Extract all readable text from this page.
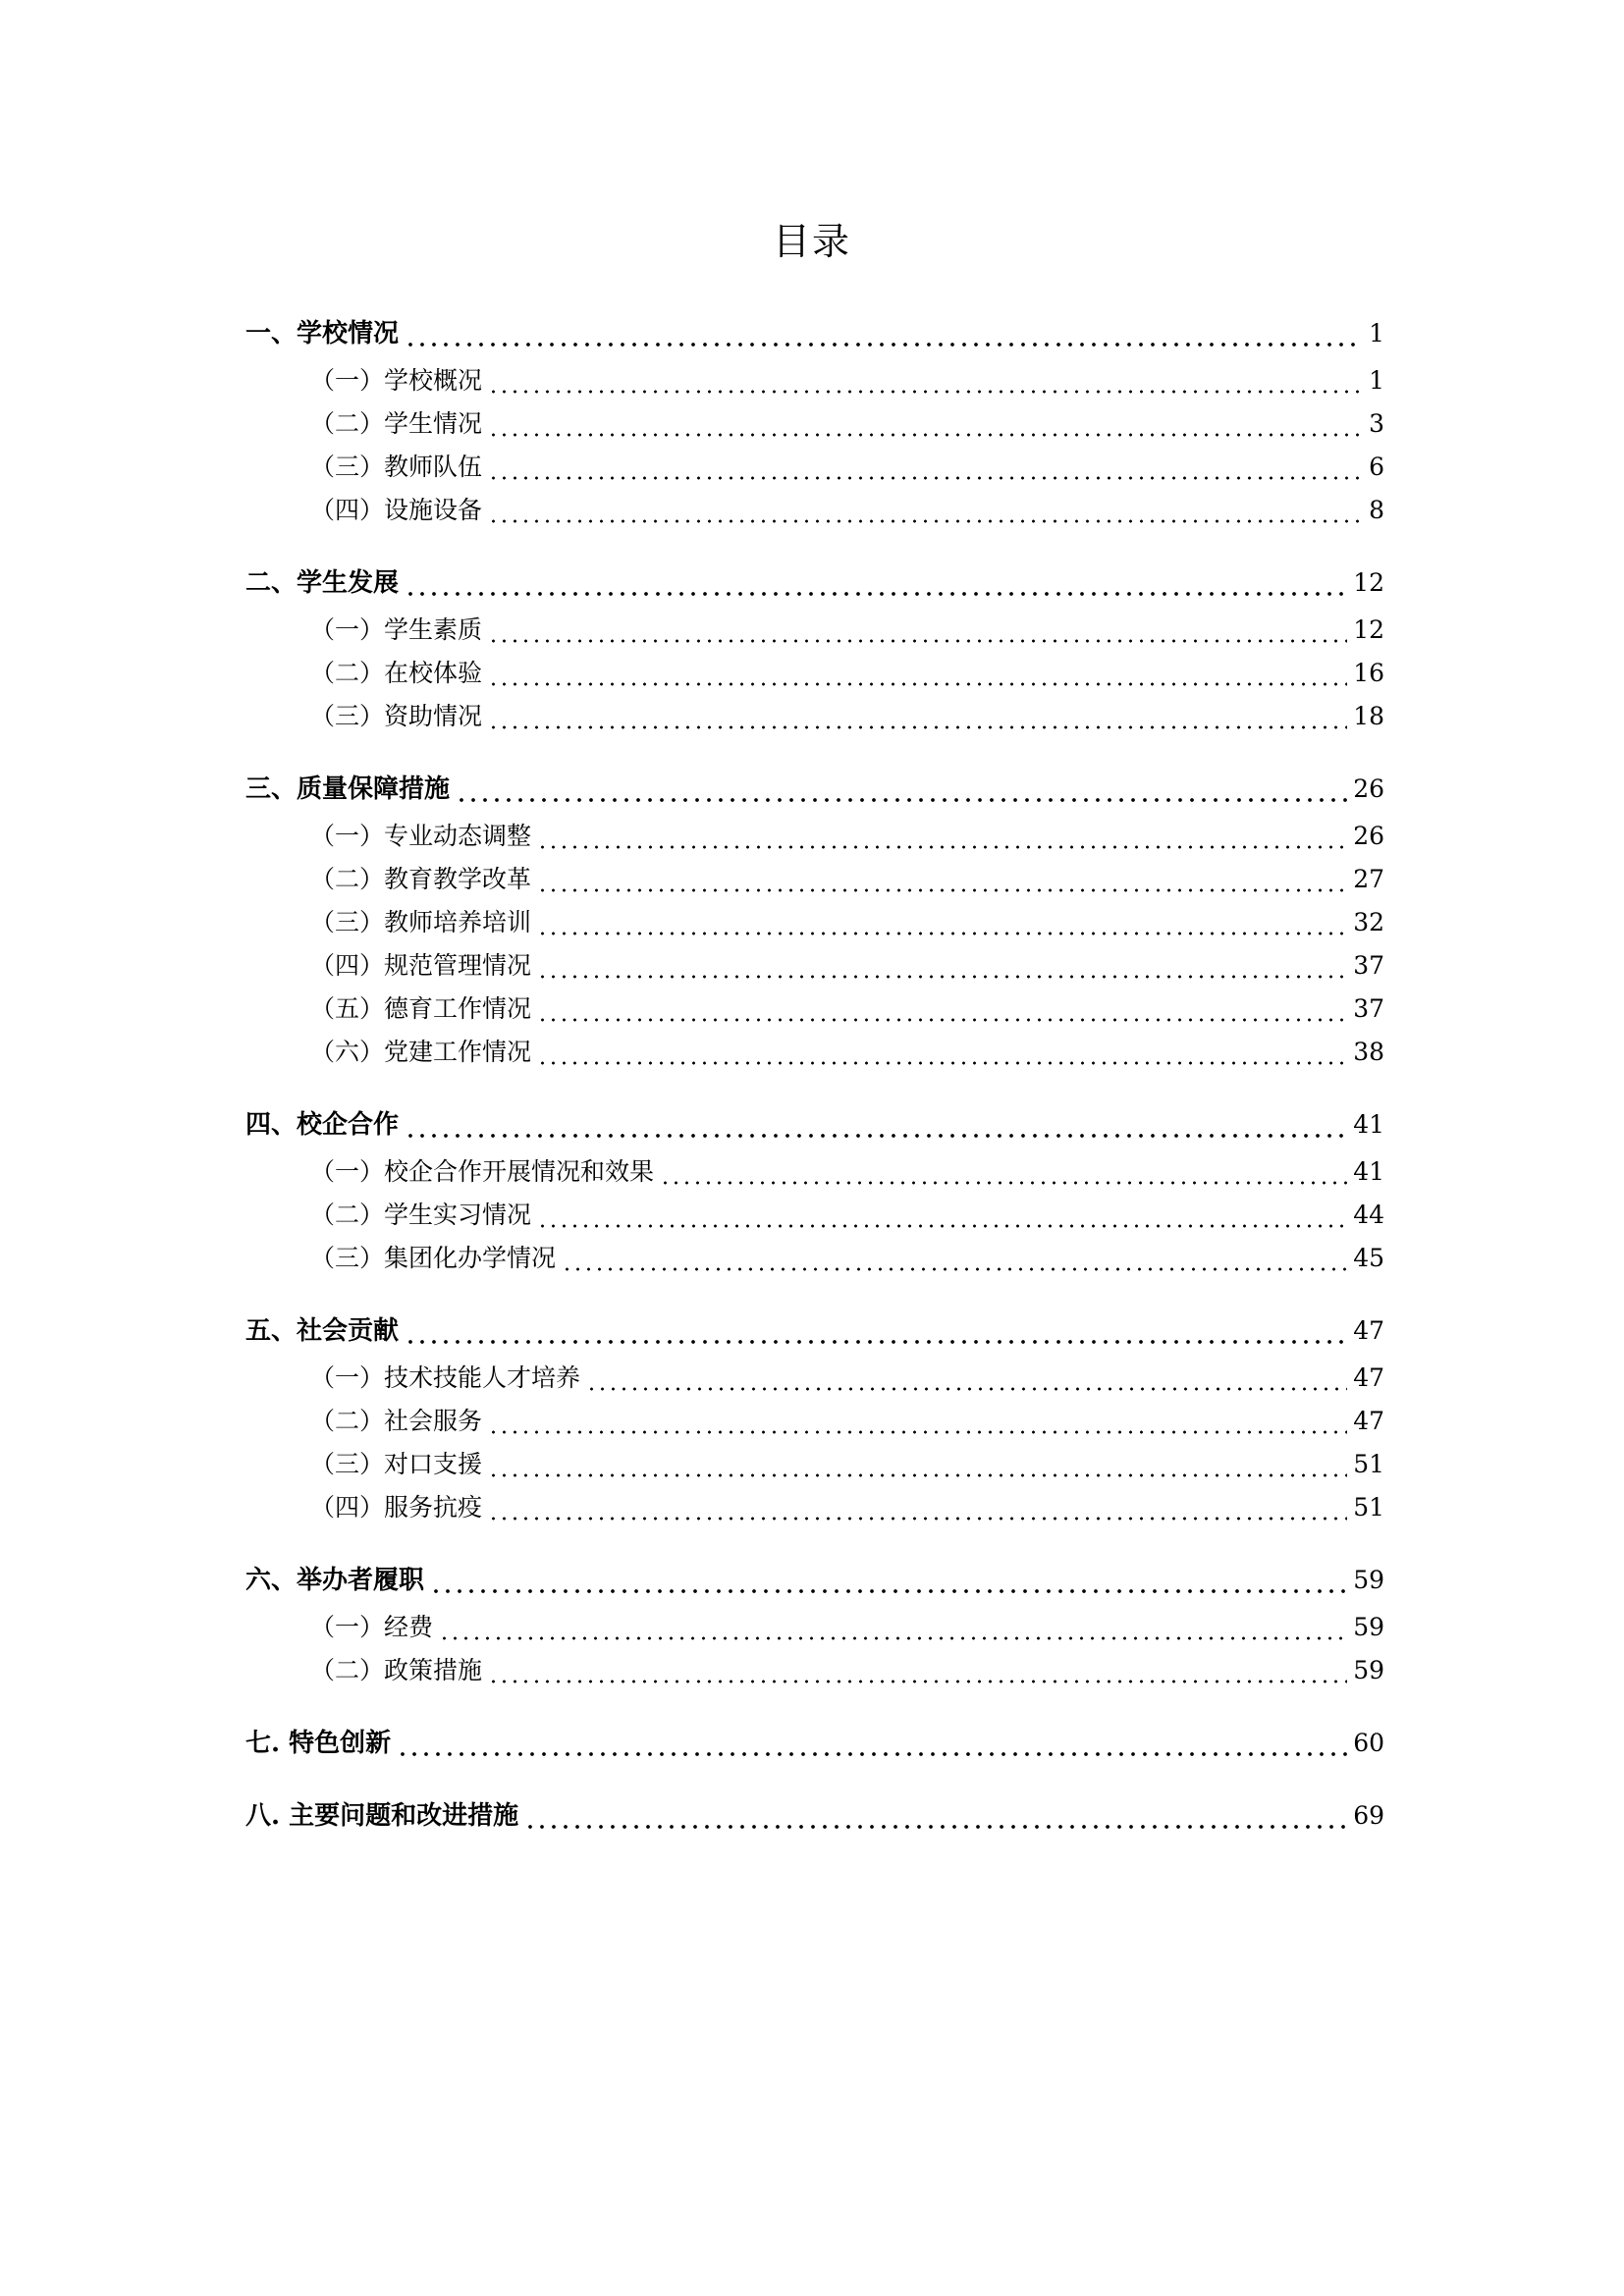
目录
一、学校情况	1
（一）学校概况	1
（二）学生情况	3
（三）教师队伍	6
（四）设施设备	8
二、学生发展	12
（一）学生素质	12
（二）在校体验	16
（三）资助情况	18
三、质量保障措施	26
（一）专业动态调整	26
（二）教育教学改革	27
（三）教师培养培训	32
（四）规范管理情况	37
（五）德育工作情况	37
（六）党建工作情况	38
四、校企合作	41
（一）校企合作开展情况和效果	41
（二）学生实习情况	44
（三）集团化办学情况	45
五、社会贡献	47
（一）技术技能人才培养	47
（二）社会服务	47
（三）对口支援	51
（四）服务抗疫	51
六、举办者履职	59
（一）经费	59
（二）政策措施	59
七. 特色创新	60
八. 主要问题和改进措施	69
